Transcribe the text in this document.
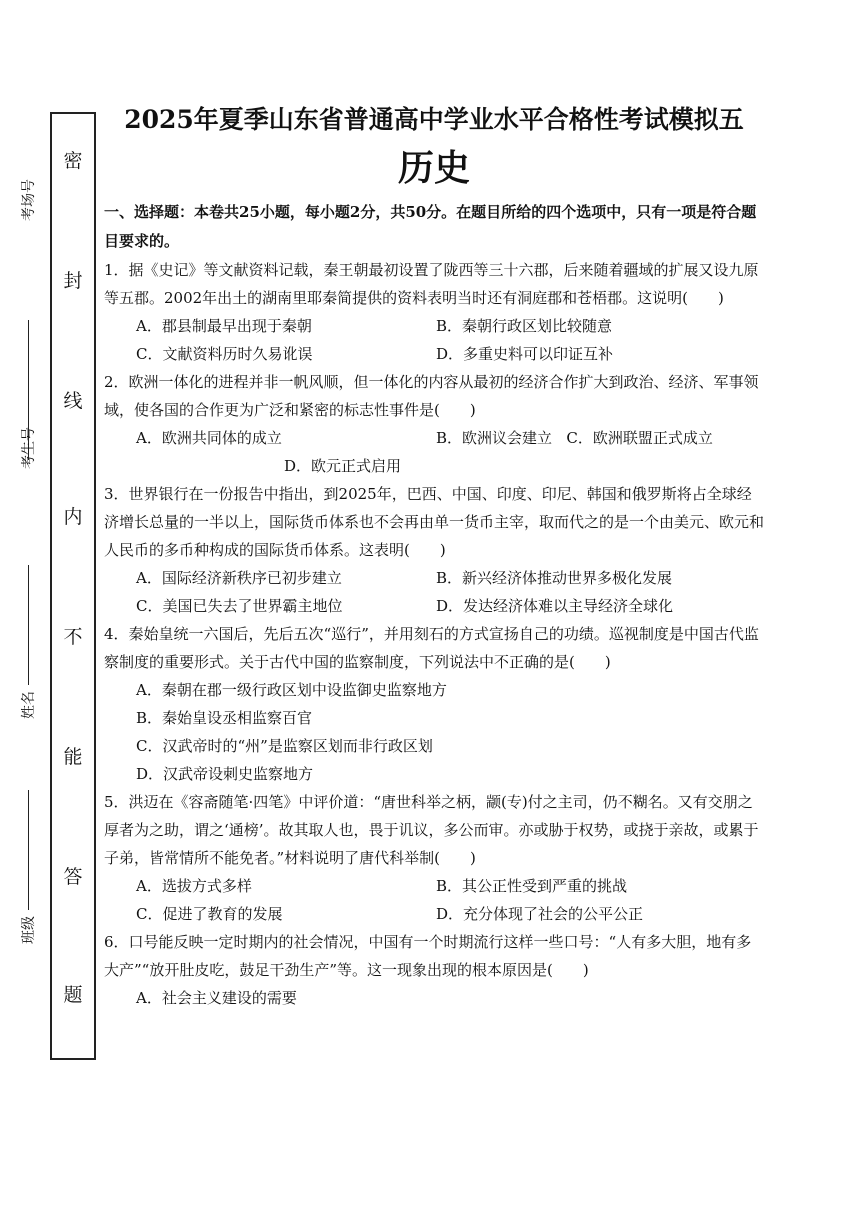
考场号
考生号
姓名
班级
密
封
线
内
不
能
答
题
2025年夏季山东省普通高中学业水平合格性考试模拟五
历史
一、选择题：本卷共25小题，每小题2分，共50分。在题目所给的四个选项中，只有一项是符合题目要求的。

1．据《史记》等文献资料记载，秦王朝最初设置了陇西等三十六郡，后来随着疆域的扩展又设九原等五郡。2002年出土的湖南里耶秦简提供的资料表明当时还有洞庭郡和苍梧郡。这说明(　　)

A．郡县制最早出现于秦朝	B．秦朝行政区划比较随意
C．文献资料历时久易讹误	D．多重史料可以印证互补

2．欧洲一体化的进程并非一帆风顺，但一体化的内容从最初的经济合作扩大到政治、经济、军事领域，使各国的合作更为广泛和紧密的标志性事件是(　　)

A．欧洲共同体的成立	B．欧洲议会建立 C．欧洲联盟正式成立
D．欧元正式启用

3．世界银行在一份报告中指出，到2025年，巴西、中国、印度、印尼、韩国和俄罗斯将占全球经济增长总量的一半以上，国际货币体系也不会再由单一货币主宰，取而代之的是一个由美元、欧元和人民币的多币种构成的国际货币体系。这表明(　　)

A．国际经济新秩序已初步建立	B．新兴经济体推动世界多极化发展
C．美国已失去了世界霸主地位	D．发达经济体难以主导经济全球化

4．秦始皇统一六国后，先后五次“巡行”，并用刻石的方式宣扬自己的功绩。巡视制度是中国古代监察制度的重要形式。关于古代中国的监察制度，下列说法中不正确的是(　　)

A．秦朝在郡一级行政区划中设监御史监察地方
B．秦始皇设丞相监察百官
C．汉武帝时的“州”是监察区划而非行政区划
D．汉武帝设刺史监察地方

5．洪迈在《容斋随笔·四笔》中评价道：“唐世科举之柄，颛(专)付之主司，仍不糊名。又有交朋之厚者为之助，谓之‘通榜’。故其取人也，畏于讥议，多公而审。亦或胁于权势，或挠于亲故，或累于子弟，皆常情所不能免者。”材料说明了唐代科举制(　　)

A．选拔方式多样	B．其公正性受到严重的挑战
C．促进了教育的发展	D．充分体现了社会的公平公正

6．口号能反映一定时期内的社会情况，中国有一个时期流行这样一些口号：“人有多大胆，地有多大产”“放开肚皮吃，鼓足干劲生产”等。这一现象出现的根本原因是(　　)

A．社会主义建设的需要
